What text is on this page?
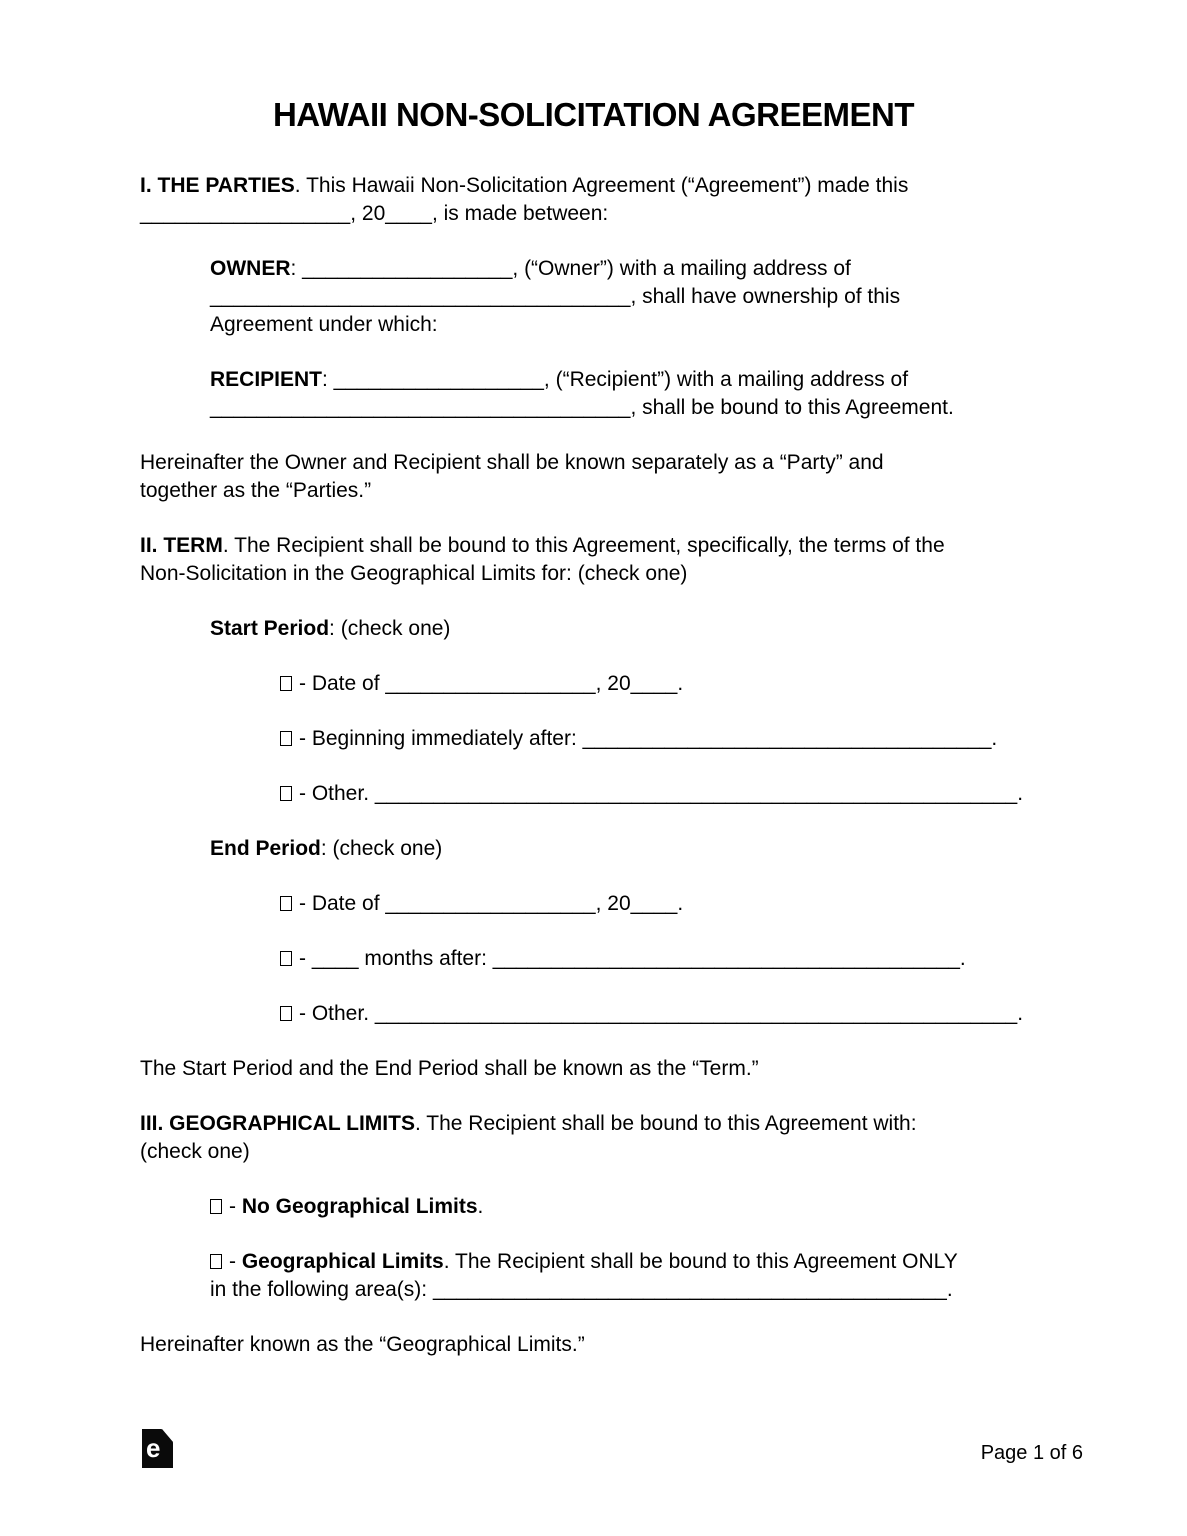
HAWAII NON-SOLICITATION AGREEMENT
I. THE PARTIES. This Hawaii Non-Solicitation Agreement (“Agreement”) made this
__________________, 20____, is made between:
OWNER: __________________, (“Owner”) with a mailing address of
____________________________________, shall have ownership of this
Agreement under which:
RECIPIENT: __________________, (“Recipient”) with a mailing address of
____________________________________, shall be bound to this Agreement.
Hereinafter the Owner and Recipient shall be known separately as a “Party” and
together as the “Parties.”
II. TERM. The Recipient shall be bound to this Agreement, specifically, the terms of the
Non-Solicitation in the Geographical Limits for: (check one)
Start Period: (check one)
- Date of __________________, 20____.
- Beginning immediately after: ___________________________________.
- Other. _______________________________________________________.
End Period: (check one)
- Date of __________________, 20____.
- ____ months after: ________________________________________.
- Other. _______________________________________________________.
The Start Period and the End Period shall be known as the “Term.”
III. GEOGRAPHICAL LIMITS. The Recipient shall be bound to this Agreement with:
(check one)
- No Geographical Limits.
- Geographical Limits. The Recipient shall be bound to this Agreement ONLY
in the following area(s): ____________________________________________.
Hereinafter known as the “Geographical Limits.”
e	Page 1 of 6
